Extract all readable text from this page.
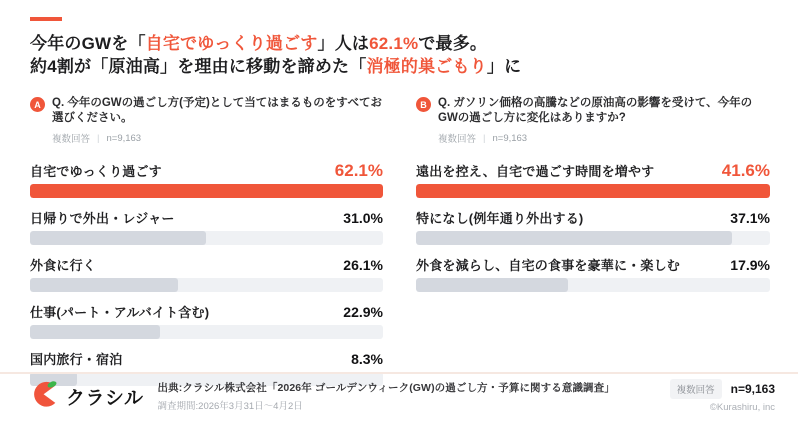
今年のGWを「自宅でゆっくり過ごす」人は62.1%で最多。
約4割が「原油高」を理由に移動を諦めた「消極的巣ごもり」に
A Q. 今年のGWの過ごし方(予定)として当てはまるものをすべてお選びください。
複数回答 | n=9,163
自宅でゆっくり過ごす	62.1%
日帰りで外出・レジャー	31.0%
外食に行く	26.1%
仕事(パート・アルバイト含む)	22.9%
国内旅行・宿泊	8.3%
B Q. ガソリン価格の高騰などの原油高の影響を受けて、今年のGWの過ごし方に変化はありますか?
複数回答 | n=9,163
遠出を控え、自宅で過ごす時間を増やす	41.6%
特になし(例年通り外出する)	37.1%
外食を減らし、自宅の食事を豪華に・楽しむ	17.9%
クラシル 出典:クラシル株式会社「2026年 ゴールデンウィーク(GW)の過ごし方・予算に関する意識調査」
調査期間:2026年3月31日〜4月2日
複数回答	n=9,163
©Kurashiru, inc
